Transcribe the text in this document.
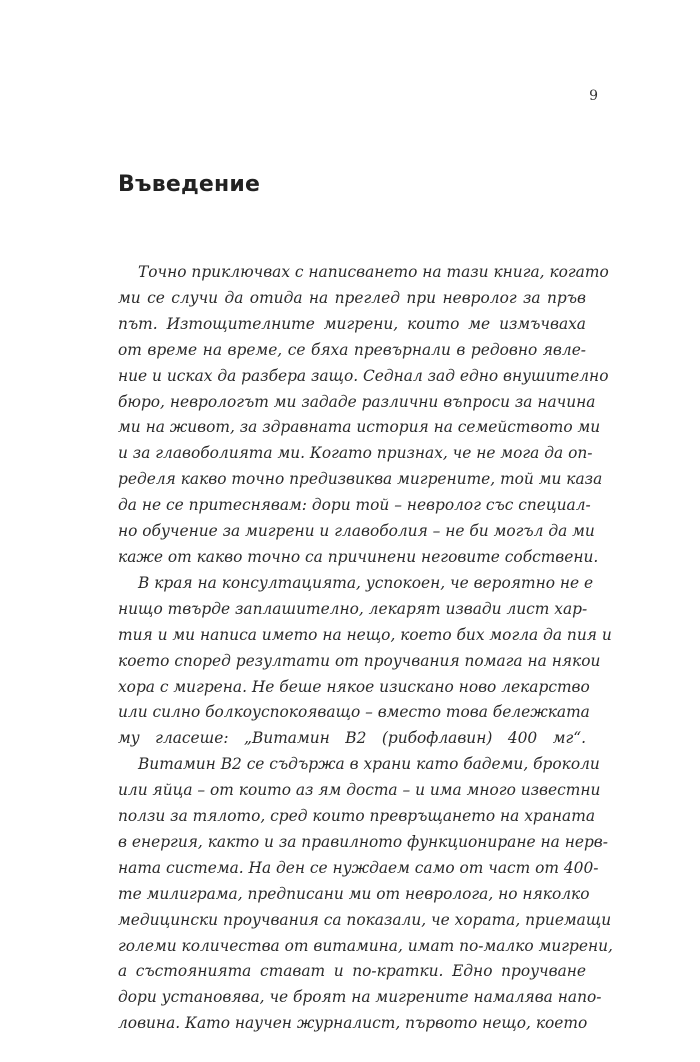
9
Въведение
Точно приключвах с написването на тази книга, когато
ми се случи да отида на преглед при невролог за пръв
път. Изтощителните мигрени, които ме измъчваха
от време на време, се бяха превърнали в редовно явле-
ние и исках да разбера защо. Седнал зад едно внушително
бюро, неврологът ми зададе различни въпроси за начина
ми на живот, за здравната история на семейството ми
и за главоболията ми. Когато признах, че не мога да оп-
ределя какво точно предизвиква мигрените, той ми каза
да не се притеснявам: дори той – невролог със специал-
но обучение за мигрени и главоболия – не би могъл да ми
каже от какво точно са причинени неговите собствени.
В края на консултацията, успокоен, че вероятно не е
нищо твърде заплашително, лекарят извади лист хар-
тия и ми написа името на нещо, което бих могла да пия и
което според резултати от проучвания помага на някои
хора с мигрена. Не беше някое изискано ново лекарство
или силно болкоуспокояващо – вместо това бележката
му гласеше: „Витамин B2 (рибофлавин) 400 мг“.
Витамин B2 се съдържа в храни като бадеми, броколи
или яйца – от които аз ям доста – и има много известни
ползи за тялото, сред които превръщането на храната
в енергия, както и за правилното функциониране на нерв-
ната система. На ден се нуждаем само от част от 400-
те милиграма, предписани ми от невролога, но няколко
медицински проучвания са показали, че хората, приемащи
големи количества от витамина, имат по-малко мигрени,
а състоянията стават и по-кратки. Едно проучване
дори установява, че броят на мигрените намалява напо-
ловина. Като научен журналист, първото нещо, което
